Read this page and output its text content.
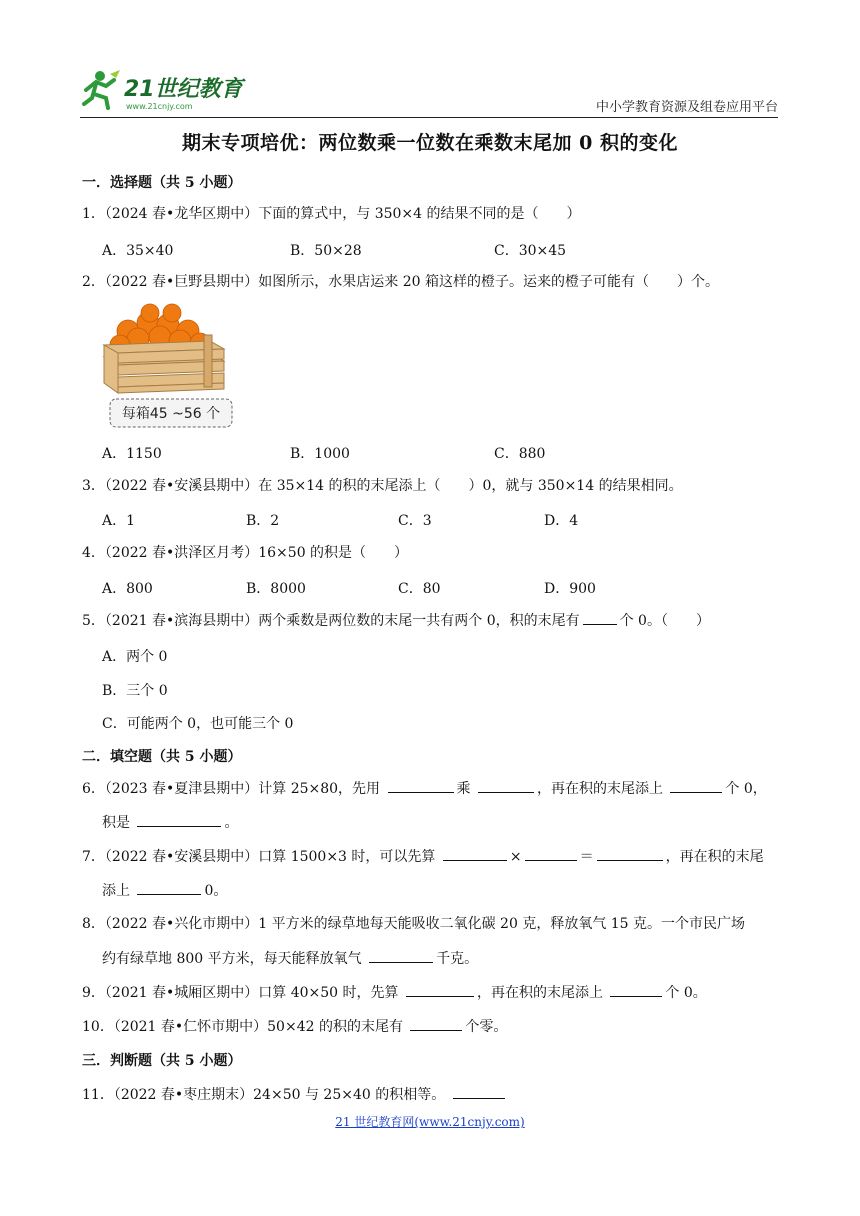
21世纪教育
www.21cnjy.com	中小学教育资源及组卷应用平台
期末专项培优：两位数乘一位数在乘数末尾加 0 积的变化
一．选择题（共 5 小题）
1．（2024 春•龙华区期中）下面的算式中，与 350×4 的结果不同的是（　　）
A．35×40	B．50×28	C．30×45
2．（2022 春•巨野县期中）如图所示，水果店运来 20 箱这样的橙子。运来的橙子可能有（　　）个。
每箱45 ~56 个
A．1150	B．1000	C．880
3．（2022 春•安溪县期中）在 35×14 的积的末尾添上（　　）0，就与 350×14 的结果相同。
A．1	B．2	C．3	D．4
4．（2022 春•洪泽区月考）16×50 的积是（　　）
A．800	B．8000	C．80	D．900
5．（2021 春•滨海县期中）两个乘数是两位数的末尾一共有两个 0，积的末尾有	个 0。（　　）
A．两个 0
B．三个 0
C．可能两个 0，也可能三个 0
二．填空题（共 5 小题）
6．（2023 春•夏津县期中）计算 25×80，先用	乘	，再在积的末尾添上	个 0，
积是	。
7．（2022 春•安溪县期中）口算 1500×3 时，可以先算	×	＝	，再在积的末尾
添上	0。
8．（2022 春•兴化市期中）1 平方米的绿草地每天能吸收二氧化碳 20 克，释放氧气 15 克。一个市民广场
约有绿草地 800 平方米，每天能释放氧气	千克。
9．（2021 春•城厢区期中）口算 40×50 时，先算	，再在积的末尾添上	个 0。
10．（2021 春•仁怀市期中）50×42 的积的末尾有	个零。
三．判断题（共 5 小题）
11．（2022 春•枣庄期末）24×50 与 25×40 的积相等。
21 世纪教育网(www.21cnjy.com)
